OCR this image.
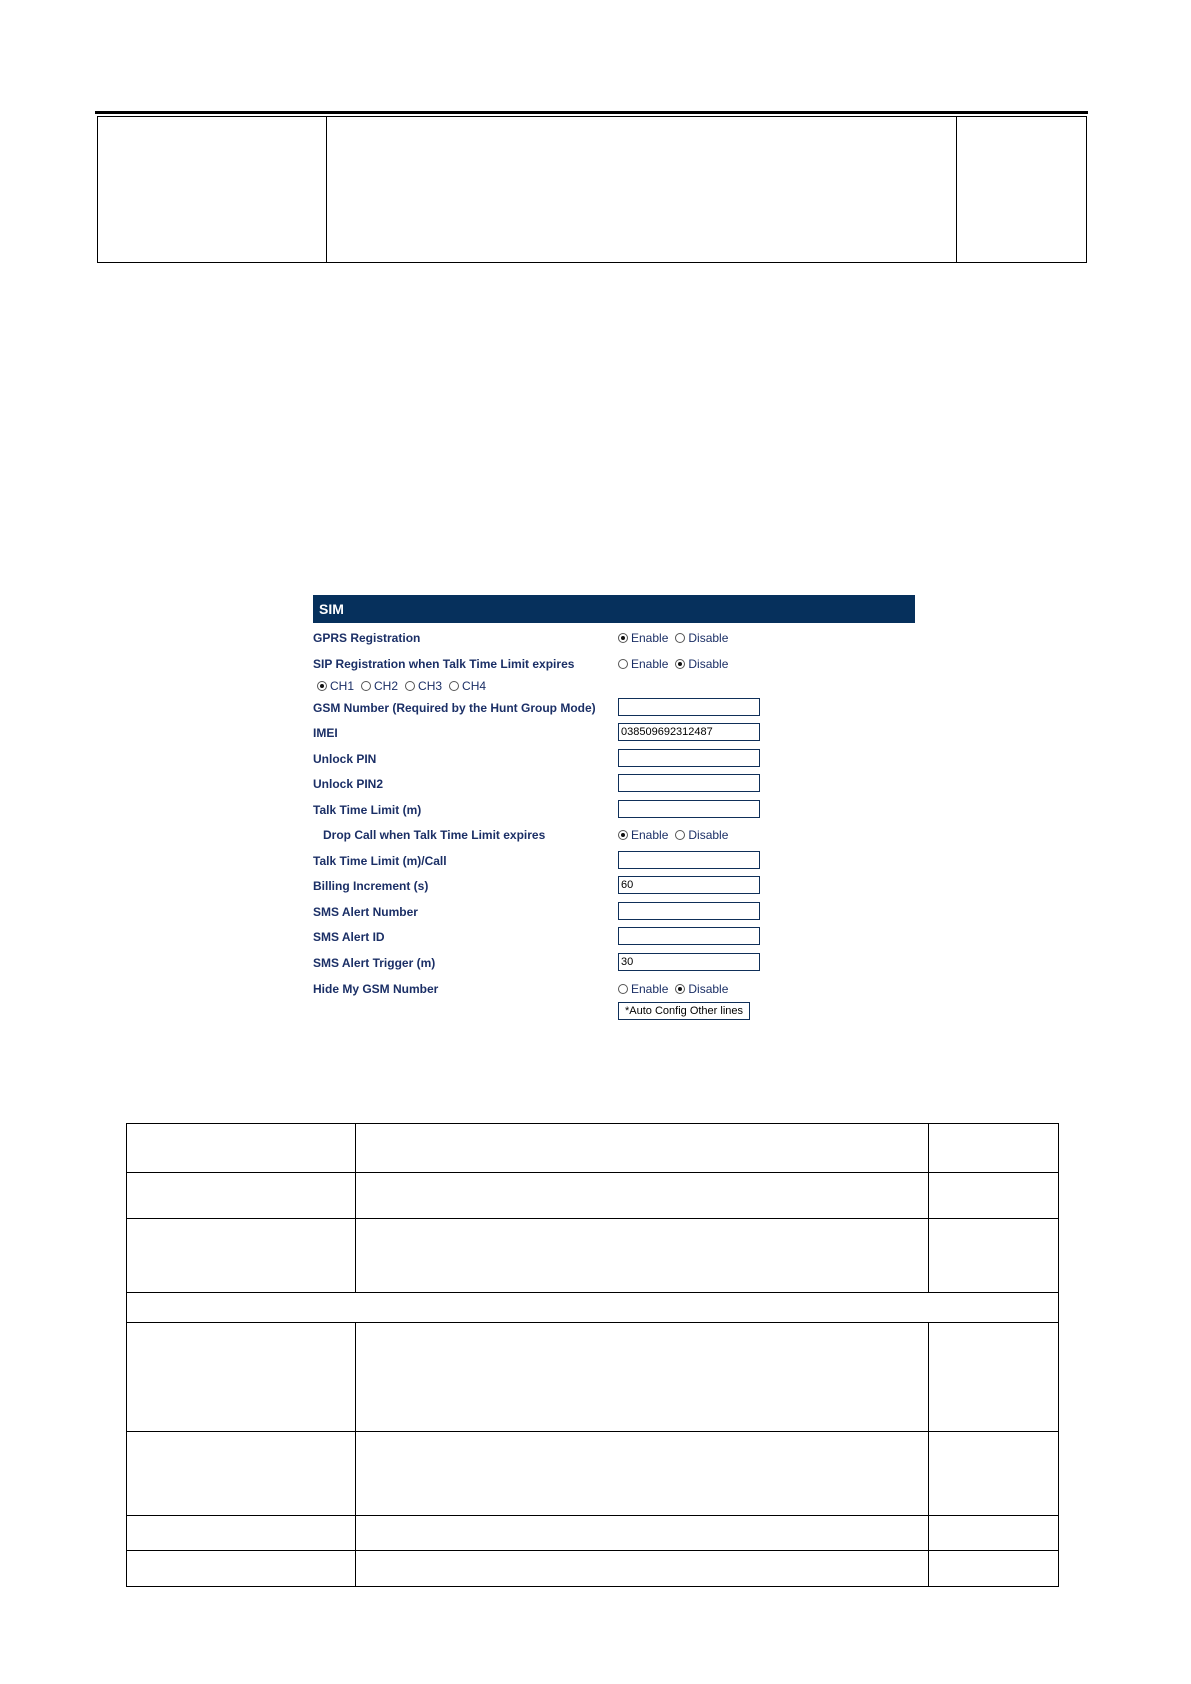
SIM
GPRS Registration	Enable Disable
SIP Registration when Talk Time Limit expires	Enable Disable
CH1 CH2 CH3 CH4
GSM Number (Required by the Hunt Group Mode)
IMEI	038509692312487
Unlock PIN
Unlock PIN2
Talk Time Limit (m)
Drop Call when Talk Time Limit expires	Enable Disable
Talk Time Limit (m)/Call
Billing Increment (s)	60
SMS Alert Number
SMS Alert ID
SMS Alert Trigger (m)	30
Hide My GSM Number	Enable Disable
*Auto Config Other lines
